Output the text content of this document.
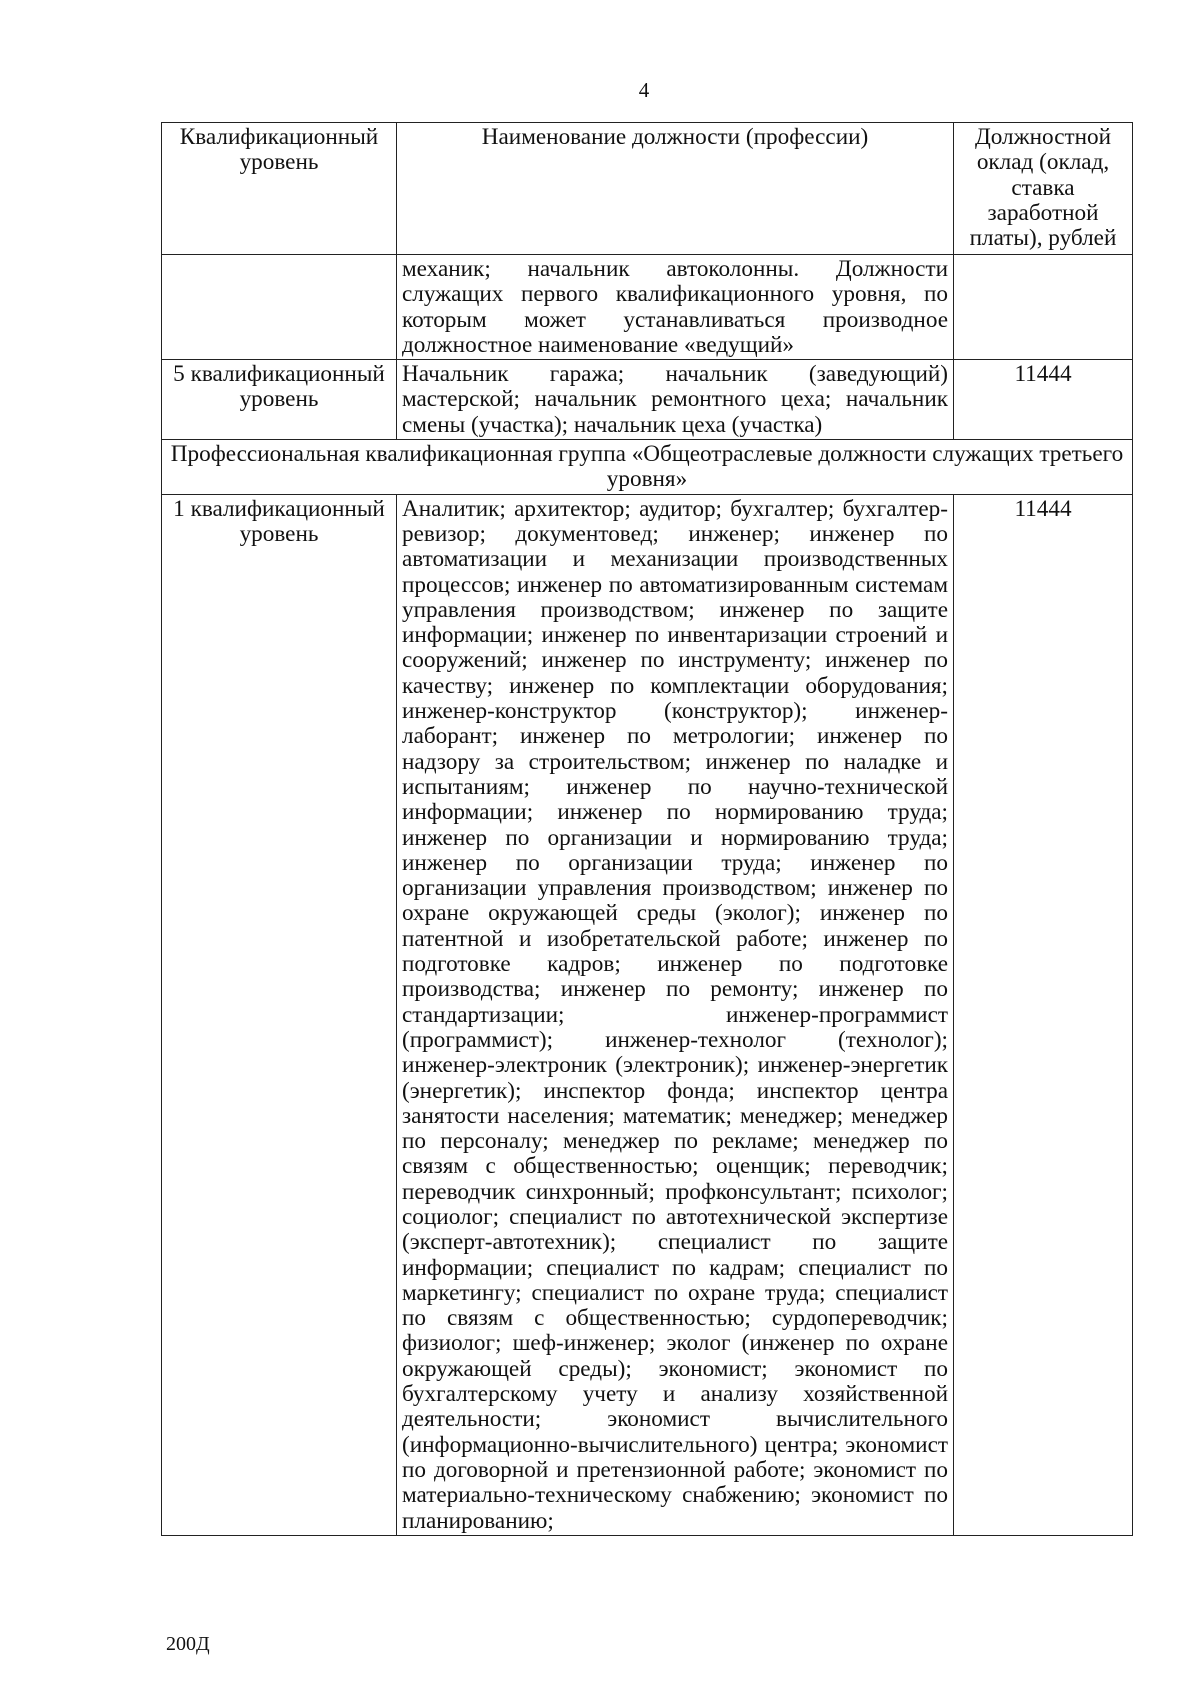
4
Квалификационный уровень	Наименование должности (профессии)	Должностной оклад (оклад, ставка заработной платы), рублей
	механик; начальник автоколонны. Должности служащих первого квалификационного уровня, по которым может устанавливаться производное должностное наименование «ведущий»	
5 квалификационный уровень	Начальник гаража; начальник (заведующий) мастерской; начальник ремонтного цеха; начальник смены (участка); начальник цеха (участка)	11444
Профессиональная квалификационная группа «Общеотраслевые должности служащих третьего уровня»		
1 квалификационный уровень	Аналитик; архитектор; аудитор; бухгалтер; бухгалтер-ревизор; документовед; инженер; инженер по автоматизации и механизации производственных процессов; инженер по автоматизированным системам управления производством; инженер по защите информации; инженер по инвентаризации строений и сооружений; инженер по инструменту; инженер по качеству; инженер по комплектации оборудования; инженер-конструктор (конструктор); инженер-лаборант; инженер по метрологии; инженер по надзору за строительством; инженер по наладке и испытаниям; инженер по научно-технической информации; инженер по нормированию труда; инженер по организации и нормированию труда; инженер по организации труда; инженер по организации управления производством; инженер по охране окружающей среды (эколог); инженер по патентной и изобретательской работе; инженер по подготовке кадров; инженер по подготовке производства; инженер по ремонту; инженер по стандартизации; инженер-программист (программист); инженер-технолог (технолог); инженер-электроник (электроник); инженер-энергетик (энергетик); инспектор фонда; инспектор центра занятости населения; математик; менеджер; менеджер по персоналу; менеджер по рекламе; менеджер по связям с общественностью; оценщик; переводчик; переводчик синхронный; профконсультант; психолог; социолог; специалист по автотехнической экспертизе (эксперт-автотехник); специалист по защите информации; специалист по кадрам; специалист по маркетингу; специалист по охране труда; специалист по связям с общественностью; сурдопереводчик; физиолог; шеф-инженер; эколог (инженер по охране окружающей среды); экономист; экономист по бухгалтерскому учету и анализу хозяйственной деятельности; экономист вычислительного (информационно-вычислительного) центра; экономист по договорной и претензионной работе; экономист по материально-техническому снабжению; экономист по планированию;	11444
200Д
